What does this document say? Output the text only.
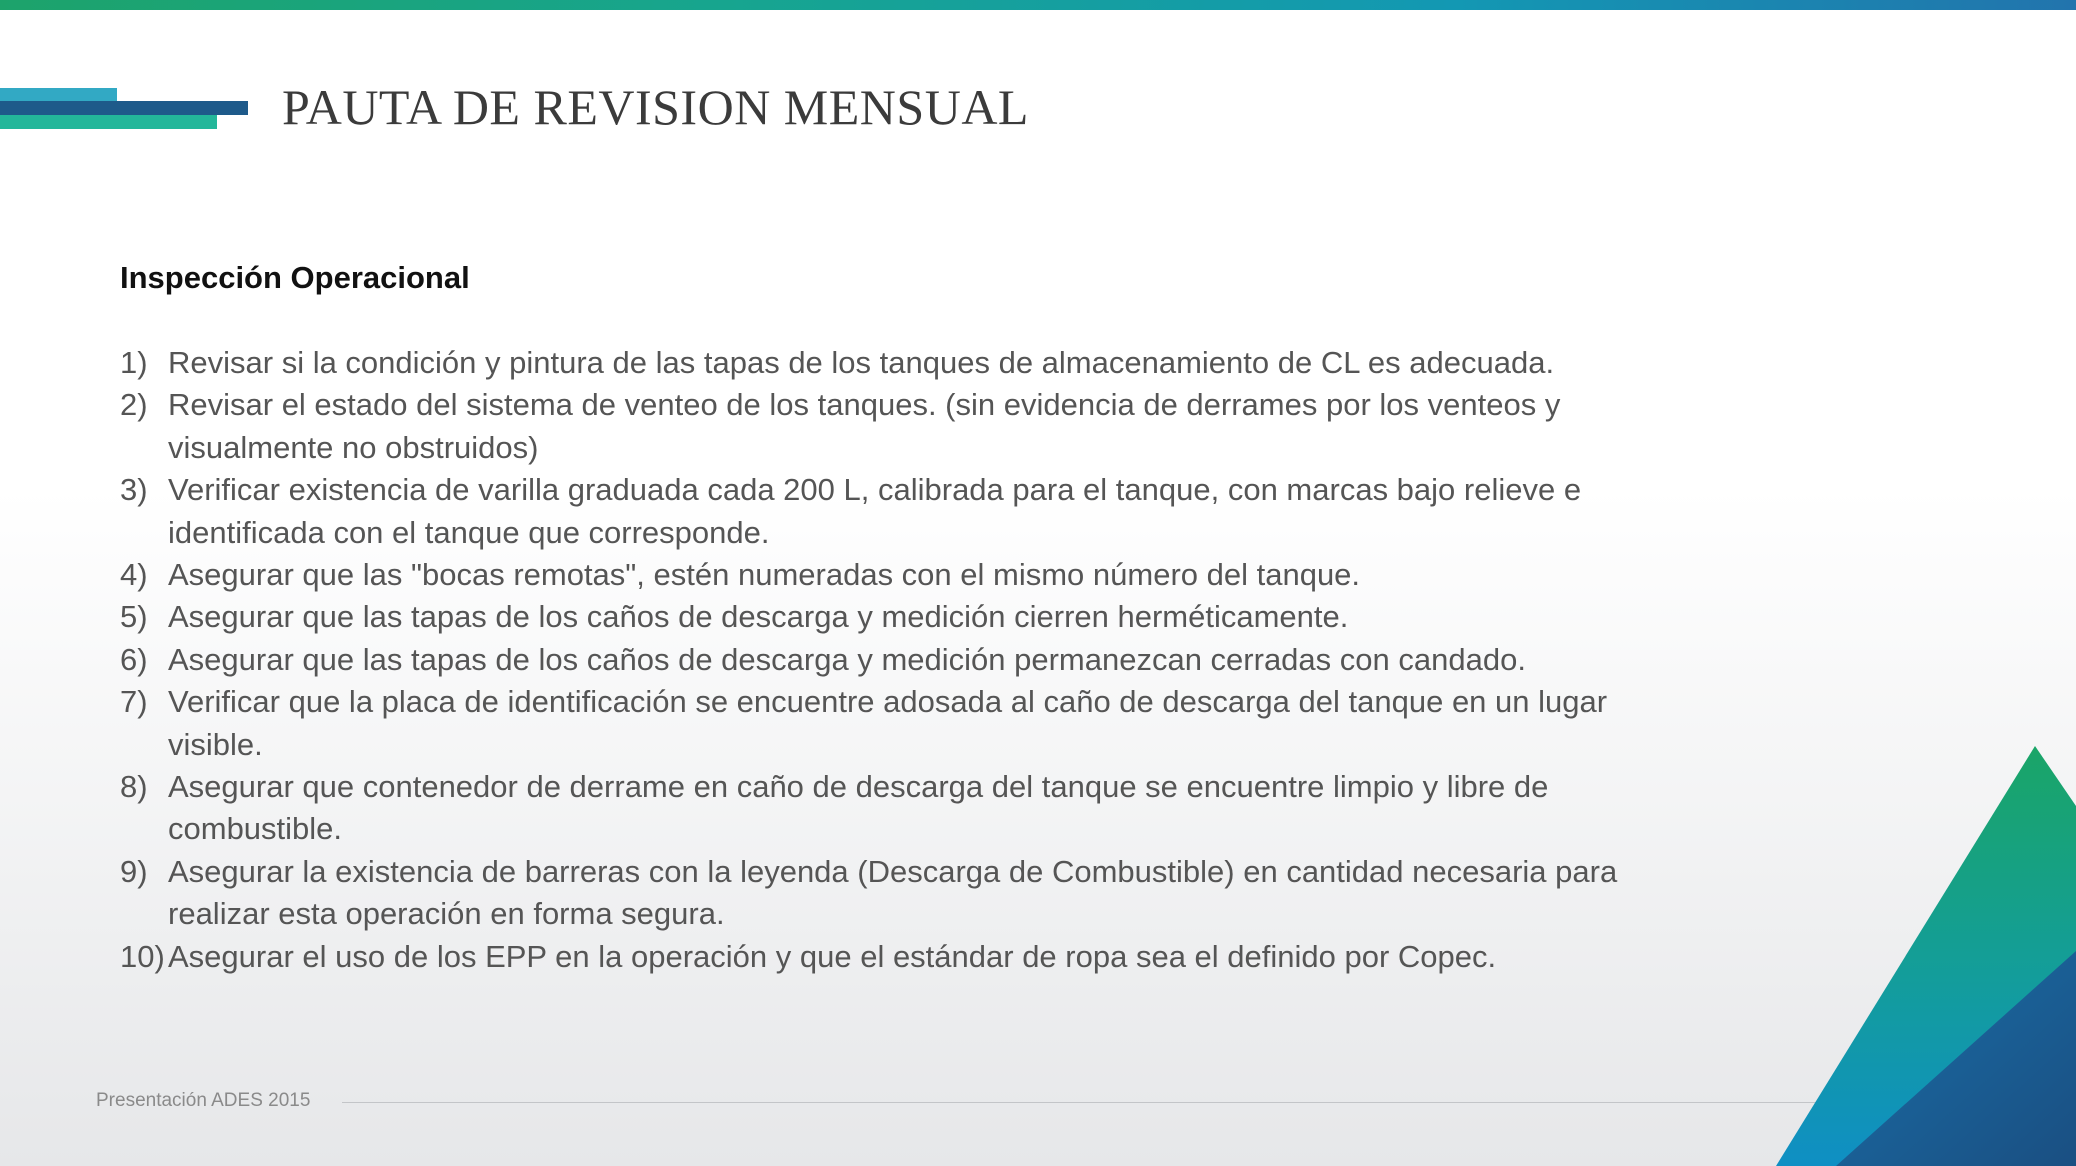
PAUTA DE REVISION MENSUAL
Inspección Operacional
1) Revisar si la condición y pintura de las tapas de los tanques de almacenamiento de CL es adecuada.
2) Revisar el estado del sistema de venteo de los tanques. (sin evidencia de derrames por los venteos y visualmente no obstruidos)
3) Verificar existencia de varilla graduada cada 200 L, calibrada para el tanque, con marcas bajo relieve e identificada con el tanque que corresponde.
4) Asegurar que las "bocas remotas", estén numeradas con el mismo número del tanque.
5) Asegurar que las tapas de los caños de descarga y medición cierren herméticamente.
6) Asegurar que las tapas de los caños de descarga y medición permanezcan cerradas con candado.
7) Verificar que la placa de identificación se encuentre adosada al caño de descarga del tanque en un lugar visible.
8) Asegurar que contenedor de derrame en caño de descarga del tanque se encuentre limpio y libre de combustible.
9) Asegurar la existencia de barreras con la leyenda (Descarga de Combustible) en cantidad necesaria para realizar esta operación en forma segura.
10) Asegurar el uso de los EPP en la operación y que el estándar de ropa sea el definido por Copec.
Presentación ADES 2015
